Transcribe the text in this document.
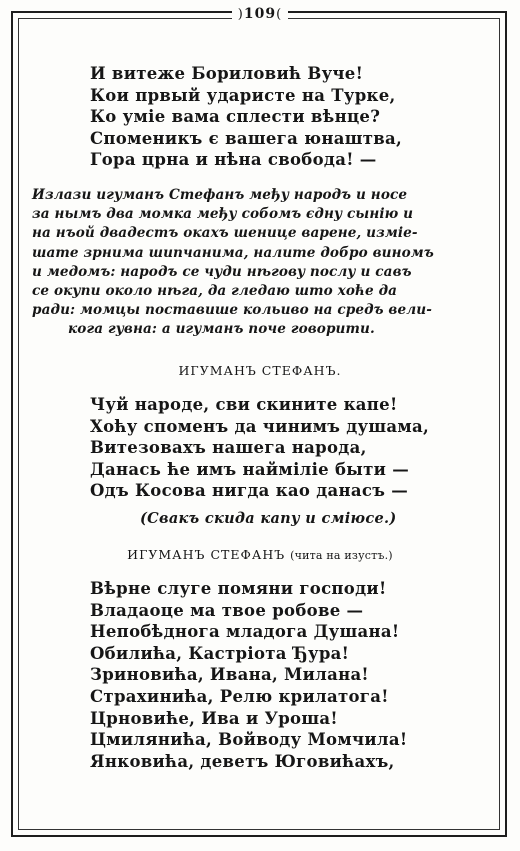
)109(
И витеже Бориловић Вуче!
Кои првый ударисте на Турке,
Ко уміе вама сплести вѣнце?
Споменикъ є вашега юнаштва,
Гора црна и нѣна свобода! —
Излази игуманъ Стефанъ међу народъ и носе
за нымъ два момка међу собомъ єдну сынію и
на нъой двадестъ окахъ шенице варене, изміе-
шате зрнима шипчанима, налите добро виномъ
и медомъ: народъ се чуди нѣговy послу и савъ
се окупи около нѣга, да гледаю што хоће да
ради: момцы поставише кольиво на средъ вели-
кога гувна: а игуманъ поче говорити.
ИГУМАНЪ СТЕФАНЪ.
Чуй народе, сви скините капе!
Хоћу споменъ да чинимъ душама,
Витезовахъ нашега народа,
Данась ће имъ найміліе быти —
Одъ Косова нигда као данасъ —
(Свакъ скида капу и сміюсе.)
ИГУМАНЪ СТЕФАНЪ (чита на изустъ.)
Вѣрне слуге помяни господи!
Владаоце ма твое робове —
Непобѣднога младога Душана!
Обилића, Кастріота Ђура!
Зриновића, Ивана, Милана!
Страхинића, Релю крилатога!
Црновиће, Ива и Уроша!
Цмилянића, Войводу Момчила!
Янковића, деветъ Юговићахъ,
